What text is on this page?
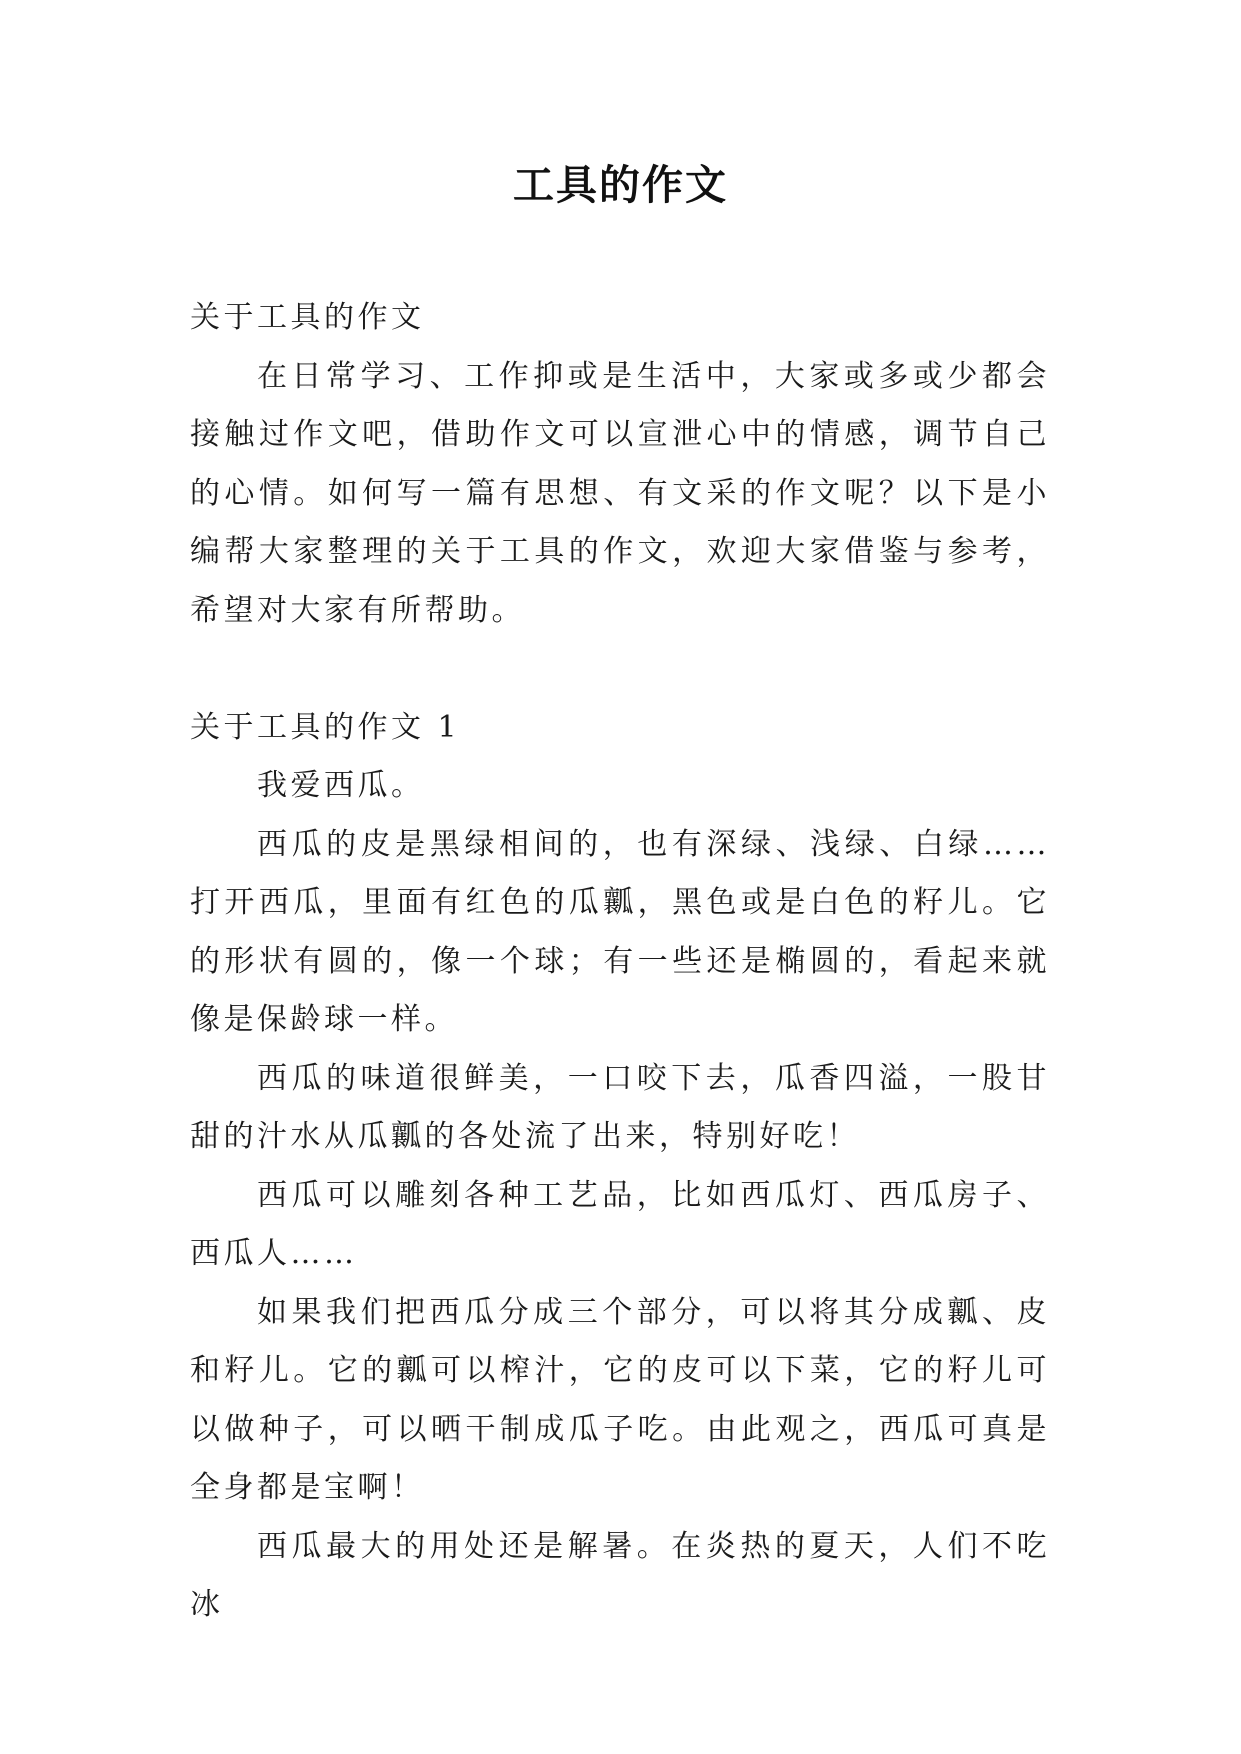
工具的作文

关于工具的作文

在日常学习、工作抑或是生活中，大家或多或少都会接触过作文吧，借助作文可以宣泄心中的情感，调节自己的心情。如何写一篇有思想、有文采的作文呢？以下是小编帮大家整理的关于工具的作文，欢迎大家借鉴与参考，希望对大家有所帮助。

关于工具的作文 1

我爱西瓜。

西瓜的皮是黑绿相间的，也有深绿、浅绿、白绿……打开西瓜，里面有红色的瓜瓤，黑色或是白色的籽儿。它的形状有圆的，像一个球；有一些还是椭圆的，看起来就像是保龄球一样。

西瓜的味道很鲜美，一口咬下去，瓜香四溢，一股甘甜的汁水从瓜瓤的各处流了出来，特别好吃！

西瓜可以雕刻各种工艺品，比如西瓜灯、西瓜房子、西瓜人……

如果我们把西瓜分成三个部分，可以将其分成瓤、皮和籽儿。它的瓤可以榨汁，它的皮可以下菜，它的籽儿可以做种子，可以晒干制成瓜子吃。由此观之，西瓜可真是全身都是宝啊！

西瓜最大的用处还是解暑。在炎热的夏天，人们不吃冰
